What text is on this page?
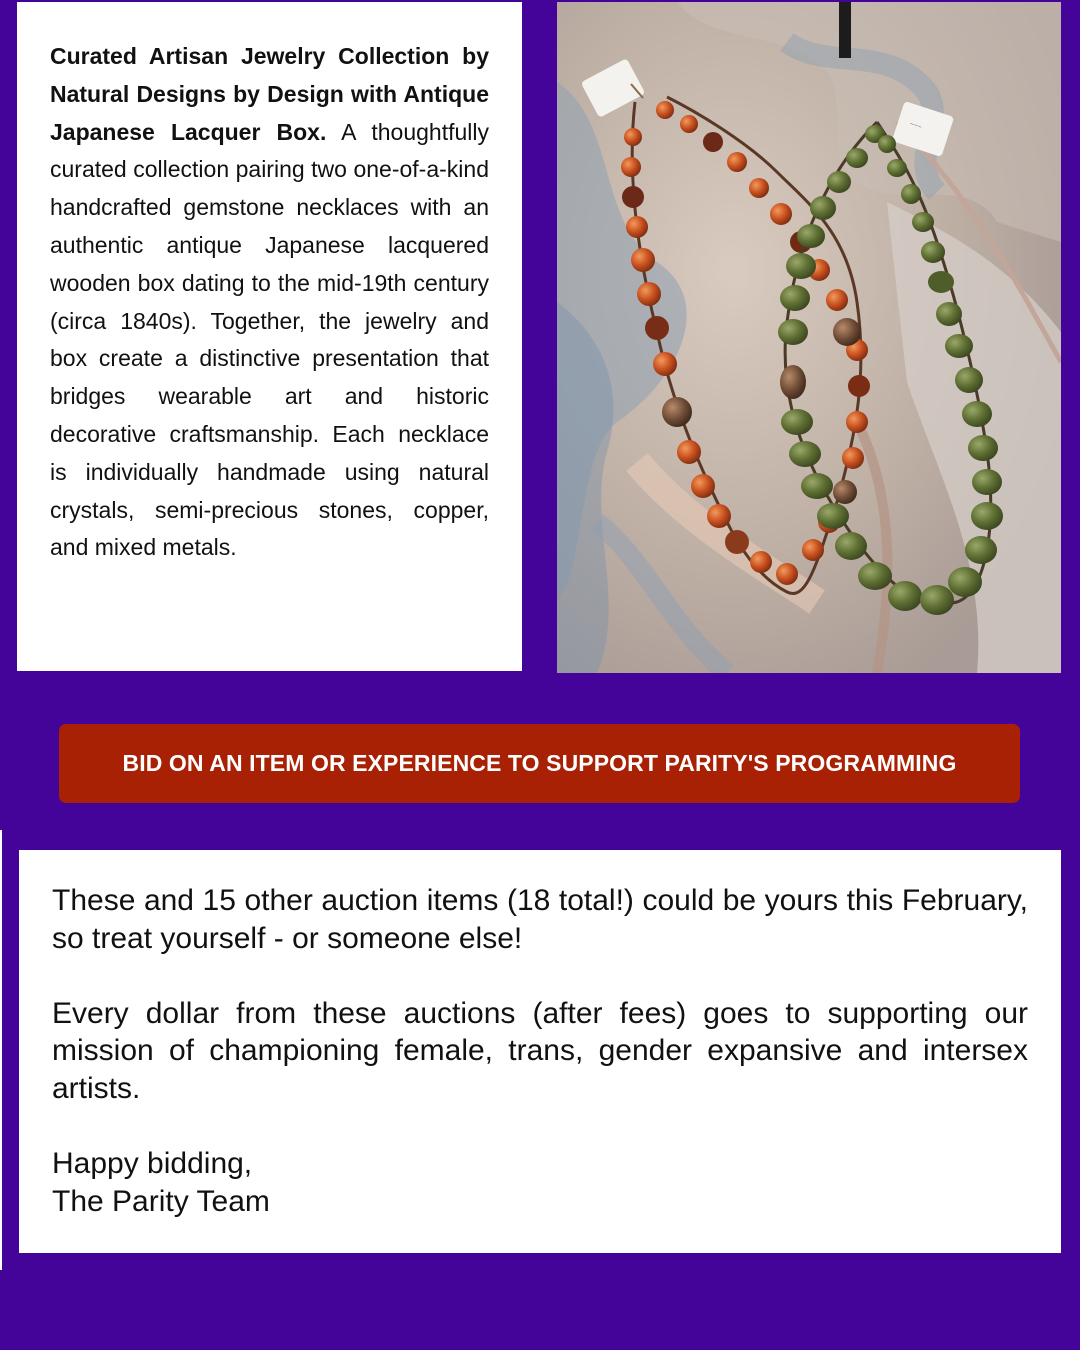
Curated Artisan Jewelry Collection by Natural Designs by Design with Antique Japanese Lacquer Box. A thoughtfully curated collection pairing two one-of-a-kind handcrafted gemstone necklaces with an authentic antique Japanese lacquered wooden box dating to the mid-19th century (circa 1840s). Together, the jewelry and box create a distinctive presentation that bridges wearable art and historic decorative craftsmanship. Each necklace is individually handmade using natural crystals, semi-precious stones, copper, and mixed metals.

~~~
BID ON AN ITEM OR EXPERIENCE TO SUPPORT PARITY'S PROGRAMMING

These and 15 other auction items (18 total!) could be yours this February, so treat yourself - or someone else!

Every dollar from these auctions (after fees) goes to supporting our mission of championing female, trans, gender expansive and intersex artists.

Happy bidding,

The Parity Team
